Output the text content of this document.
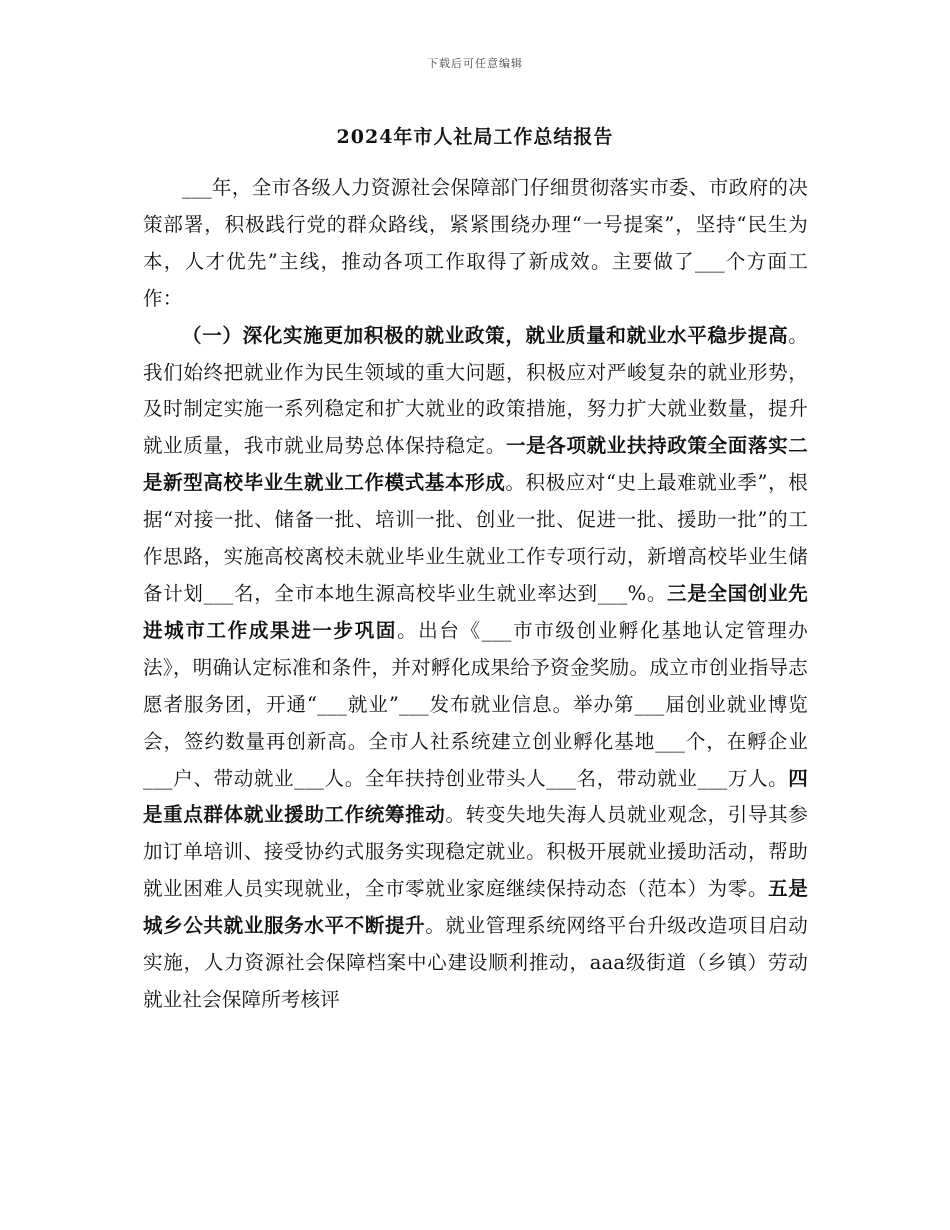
下载后可任意编辑
2024年市人社局工作总结报告

___年，全市各级人力资源社会保障部门仔细贯彻落实市委、市政府的决策部署，积极践行党的群众路线，紧紧围绕办理“一号提案”，坚持“民生为本，人才优先”主线，推动各项工作取得了新成效。主要做了___个方面工作：

（一）深化实施更加积极的就业政策，就业质量和就业水平稳步提高。我们始终把就业作为民生领域的重大问题，积极应对严峻复杂的就业形势，及时制定实施一系列稳定和扩大就业的政策措施，努力扩大就业数量，提升就业质量，我市就业局势总体保持稳定。一是各项就业扶持政策全面落实二是新型高校毕业生就业工作模式基本形成。积极应对“史上最难就业季”，根据“对接一批、储备一批、培训一批、创业一批、促进一批、援助一批”的工作思路，实施高校离校未就业毕业生就业工作专项行动，新增高校毕业生储备计划___名，全市本地生源高校毕业生就业率达到___%。三是全国创业先进城市工作成果进一步巩固。出台《___市市级创业孵化基地认定管理办法》，明确认定标准和条件，并对孵化成果给予资金奖励。成立市创业指导志愿者服务团，开通“___就业”___发布就业信息。举办第___届创业就业博览会，签约数量再创新高。全市人社系统建立创业孵化基地___个，在孵企业___户、带动就业___人。全年扶持创业带头人___名，带动就业___万人。四是重点群体就业援助工作统筹推动。转变失地失海人员就业观念，引导其参加订单培训、接受协约式服务实现稳定就业。积极开展就业援助活动，帮助就业困难人员实现就业，全市零就业家庭继续保持动态（范本）为零。五是城乡公共就业服务水平不断提升。就业管理系统网络平台升级改造项目启动实施，人力资源社会保障档案中心建设顺利推动，aaa级街道（乡镇）劳动就业社会保障所考核评
